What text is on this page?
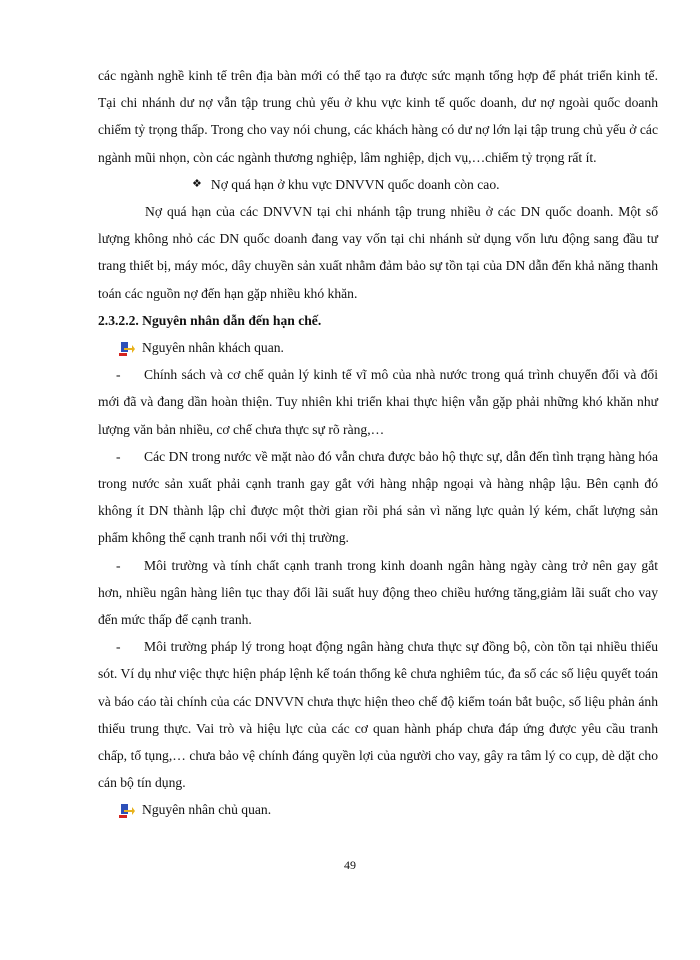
các ngành nghề kinh tế trên địa bàn mới có thể tạo ra được sức mạnh tổng hợp để phát triển kinh tế. Tại chi nhánh dư nợ vẫn tập trung chủ yếu ở khu vực kinh tế quốc doanh, dư nợ ngoài quốc doanh chiếm tỷ trọng thấp. Trong cho vay nói chung, các khách hàng có dư nợ lớn lại tập trung chủ yếu ở các ngành mũi nhọn, còn các ngành thương nghiệp, lâm nghiệp, dịch vụ,…chiếm tỷ trọng rất ít.

❖ Nợ quá hạn ở khu vực DNVVN quốc doanh còn cao.

Nợ quá hạn của các DNVVN tại chi nhánh tập trung nhiều ở các DN quốc doanh. Một số lượng không nhỏ các DN quốc doanh đang vay vốn tại chi nhánh sử dụng vốn lưu động sang đầu tư trang thiết bị, máy móc, dây chuyền sản xuất nhằm đảm bảo sự tồn tại của DN dẫn đến khả năng thanh toán các nguồn nợ đến hạn gặp nhiều khó khăn.

2.3.2.2. Nguyên nhân dẫn đến hạn chế.

Nguyên nhân khách quan.

- Chính sách và cơ chế quản lý kinh tế vĩ mô của nhà nước trong quá trình chuyển đổi và đổi mới đã và đang dần hoàn thiện. Tuy nhiên khi triển khai thực hiện vẫn gặp phải những khó khăn như lượng văn bản nhiều, cơ chế chưa thực sự rõ ràng,…

- Các DN trong nước về mặt nào đó vẫn chưa được bảo hộ thực sự, dẫn đến tình trạng hàng hóa trong nước sản xuất phải cạnh tranh gay gắt với hàng nhập ngoại và hàng nhập lậu. Bên cạnh đó không ít DN thành lập chỉ được một thời gian rồi phá sản vì năng lực quản lý kém, chất lượng sản phẩm không thể cạnh tranh nổi với thị trường.

- Môi trường và tính chất cạnh tranh trong kinh doanh ngân hàng ngày càng trở nên gay gắt hơn, nhiều ngân hàng liên tục thay đổi lãi suất huy động theo chiều hướng tăng,giảm lãi suất cho vay đến mức thấp để cạnh tranh.

- Môi trường pháp lý trong hoạt động ngân hàng chưa thực sự đồng bộ, còn tồn tại nhiều thiếu sót. Ví dụ như việc thực hiện pháp lệnh kế toán thống kê chưa nghiêm túc, đa số các số liệu quyết toán và báo cáo tài chính của các DNVVN chưa thực hiện theo chế độ kiểm toán bắt buộc, số liệu phản ánh thiếu trung thực. Vai trò và hiệu lực của các cơ quan hành pháp chưa đáp ứng được yêu cầu tranh chấp, tố tụng,… chưa bảo vệ chính đáng quyền lợi của người cho vay, gây ra tâm lý co cụp, dè dặt cho cán bộ tín dụng.

Nguyên nhân chủ quan.
49
